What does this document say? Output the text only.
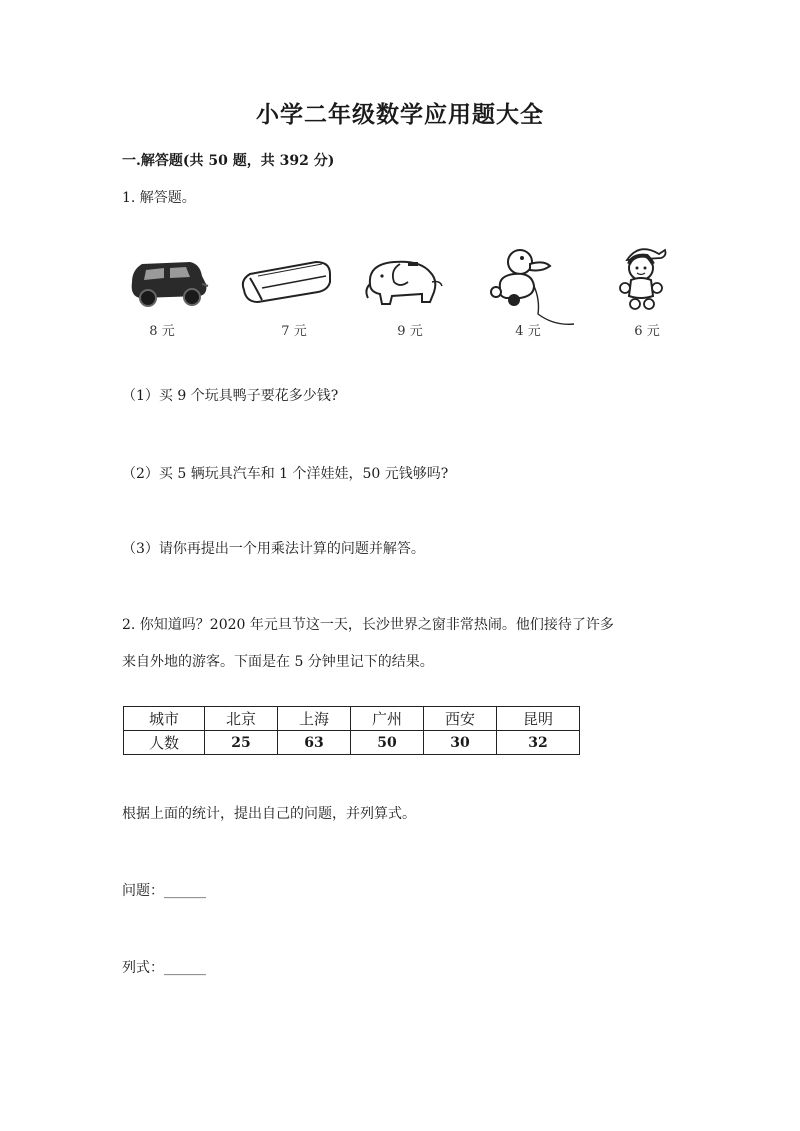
小学二年级数学应用题大全
一.解答题(共 50 题，共 392 分)
1. 解答题。
8 元	7 元	9 元	4 元	6 元
（1）买 9 个玩具鸭子要花多少钱?
（2）买 5 辆玩具汽车和 1 个洋娃娃，50 元钱够吗?
（3）请你再提出一个用乘法计算的问题并解答。
2. 你知道吗？2020 年元旦节这一天，长沙世界之窗非常热闹。他们接待了许多
来自外地的游客。下面是在 5 分钟里记下的结果。
城市	北京	上海	广州	西安	昆明
人数	25	63	50	30	32
根据上面的统计，提出自己的问题，并列算式。
问题：______
列式：______
